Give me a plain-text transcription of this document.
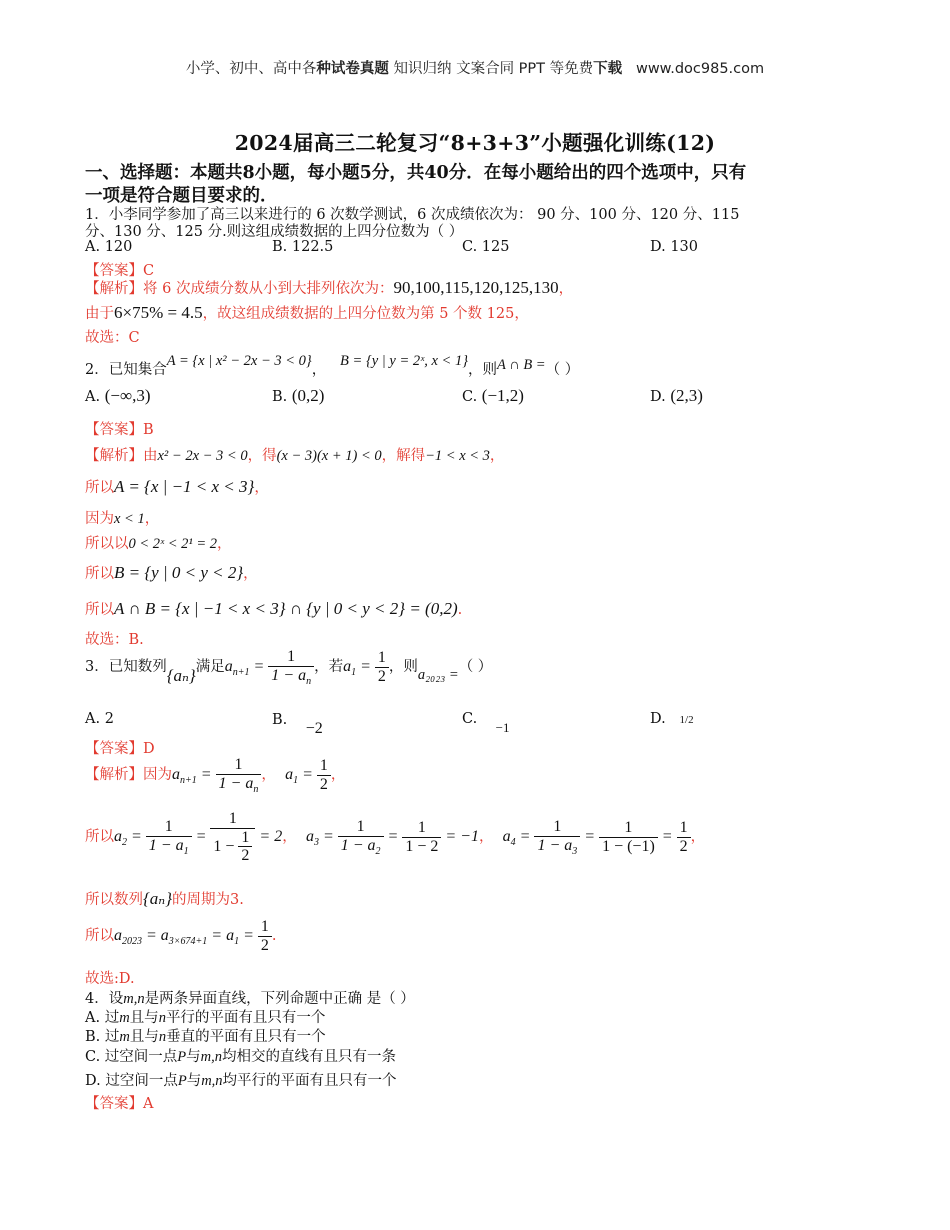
小学、初中、高中各种试卷真题 知识归纳 文案合同 PPT 等免费下载 www.doc985.com
2024届高三二轮复习“8+3+3”小题强化训练(12)
一、选择题：本题共8小题，每小题5分，共40分．在每小题给出的四个选项中，只有
一项是符合题目要求的．
1．小李同学参加了高三以来进行的 6 次数学测试，6 次成绩依次为： 90 分、100 分、120 分、115
分、130 分、125 分.则这组成绩数据的上四分位数为（ ）
A. 120	B. 122.5	C. 125	D. 130
【答案】C
【解析】将 6 次成绩分数从小到大排列依次为：90,100,115,120,125,130，
由于6×75% = 4.5，故这组成绩数据的上四分位数为第 5 个数 125，
故选：C
2．已知集合A = {x | x² − 2x − 3 < 0}，   B = {y | y = 2ˣ, x < 1}，则A ∩ B =（ ）
A. (−∞,3)	B. (0,2)	C. (−1,2)	D. (2,3)
【答案】B
【解析】由x² − 2x − 3 < 0，得(x − 3)(x + 1) < 0，解得−1 < x < 3，
所以A = {x | −1 < x < 3}，
因为x < 1，
所以以0 < 2ˣ < 2¹ = 2，
所以B = {y | 0 < y < 2}，
所以A ∩ B = {x | −1 < x < 3} ∩ {y | 0 < y < 2} = (0,2).
故选：B.
3．已知数列{aₙ}满足$a_{n+1} = \frac{1}{1 - a_n}$ ，若$a_1 = \frac{1}{2}$ ，则a₂₀₂₃ =（ ）
A. 2	B. −2
C.    −1
D. 1/2
【答案】D
【解析】因为$a_{n+1} = \frac{1}{1 - a_n}$ ， $a_1 = \frac{1}{2}$ ，
所以$a_2 = \frac{1}{1 - a_1} = \frac{1}{1 - \frac{1}{2}} = 2$， $a_3 = \frac{1}{1 - a_2} = \frac{1}{1 - 2} = -1$， $a_4 = \frac{1}{1 - a_3} = \frac{1}{1 - (-1)} = \frac{1}{2}$ ，
所以数列{aₙ}的周期为3.
所以$a_{2023} = a_{3\times 674+1} = a_1 = \frac{1}{2}$ .
故选:D.
4．设m,n是两条异面直线，下列命题中正确 是（ ）
A. 过m且与n平行的平面有且只有一个
B. 过m且与n垂直的平面有且只有一个
C. 过空间一点P与m,n均相交的直线有且只有一条
D. 过空间一点P与m,n均平行的平面有且只有一个
【答案】A
